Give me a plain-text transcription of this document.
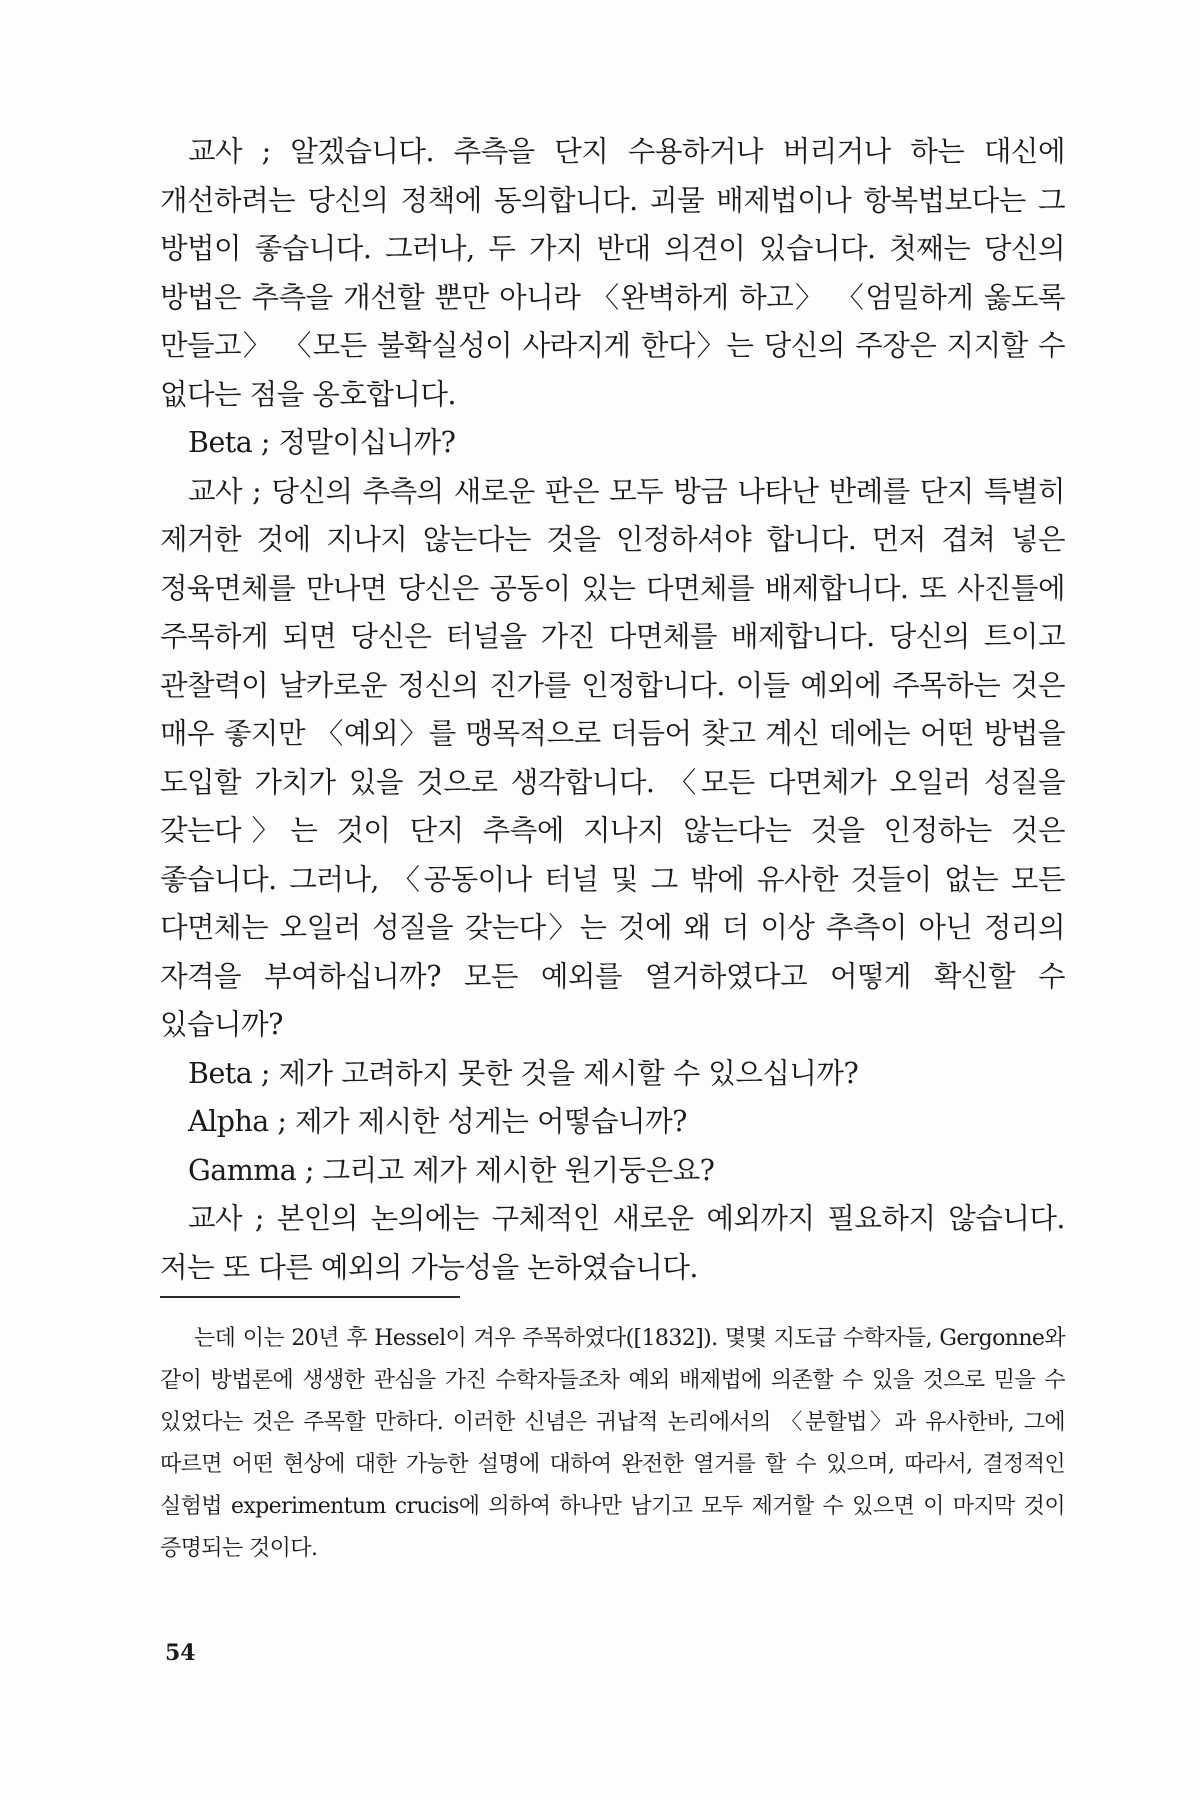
교사 ; 알겠습니다. 추측을 단지 수용하거나 버리거나 하는 대신에 개선하려는 당신의 정책에 동의합니다. 괴물 배제법이나 항복법보다는 그 방법이 좋습니다. 그러나, 두 가지 반대 의견이 있습니다. 첫째는 당신의 방법은 추측을 개선할 뿐만 아니라 〈완벽하게 하고〉 〈엄밀하게 옳도록 만들고〉 〈모든 불확실성이 사라지게 한다〉는 당신의 주장은 지지할 수 없다는 점을 옹호합니다.

Beta ; 정말이십니까?

교사 ; 당신의 추측의 새로운 판은 모두 방금 나타난 반례를 단지 특별히 제거한 것에 지나지 않는다는 것을 인정하셔야 합니다. 먼저 겹쳐 넣은 정육면체를 만나면 당신은 공동이 있는 다면체를 배제합니다. 또 사진틀에 주목하게 되면 당신은 터널을 가진 다면체를 배제합니다. 당신의 트이고 관찰력이 날카로운 정신의 진가를 인정합니다. 이들 예외에 주목하는 것은 매우 좋지만 〈예외〉를 맹목적으로 더듬어 찾고 계신 데에는 어떤 방법을 도입할 가치가 있을 것으로 생각합니다. 〈모든 다면체가 오일러 성질을 갖는다〉는 것이 단지 추측에 지나지 않는다는 것을 인정하는 것은 좋습니다. 그러나, 〈공동이나 터널 및 그 밖에 유사한 것들이 없는 모든 다면체는 오일러 성질을 갖는다〉는 것에 왜 더 이상 추측이 아닌 정리의 자격을 부여하십니까? 모든 예외를 열거하였다고 어떻게 확신할 수 있습니까?

Beta ; 제가 고려하지 못한 것을 제시할 수 있으십니까?

Alpha ; 제가 제시한 성게는 어떻습니까?

Gamma ; 그리고 제가 제시한 원기둥은요?

교사 ; 본인의 논의에는 구체적인 새로운 예외까지 필요하지 않습니다. 저는 또 다른 예외의 가능성을 논하였습니다.

는데 이는 20년 후 Hessel이 겨우 주목하였다([1832]). 몇몇 지도급 수학자들, Gergonne와 같이 방법론에 생생한 관심을 가진 수학자들조차 예외 배제법에 의존할 수 있을 것으로 믿을 수 있었다는 것은 주목할 만하다. 이러한 신념은 귀납적 논리에서의 〈분할법〉과 유사한바, 그에 따르면 어떤 현상에 대한 가능한 설명에 대하여 완전한 열거를 할 수 있으며, 따라서, 결정적인 실험법 experimentum crucis에 의하여 하나만 남기고 모두 제거할 수 있으면 이 마지막 것이 증명되는 것이다.

54
